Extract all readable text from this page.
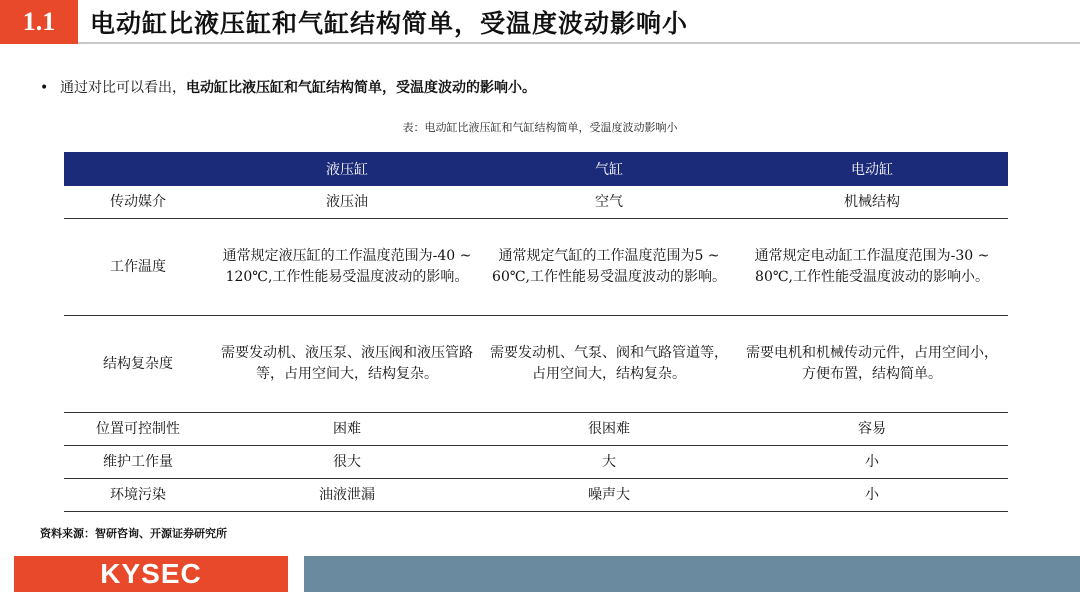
1.1	电动缸比液压缸和气缸结构简单，受温度波动影响小
• 通过对比可以看出， 电动缸比液压缸和气缸结构简单，受温度波动的影响小。
表：电动缸比液压缸和气缸结构简单，受温度波动影响小
	液压缸	气缸	电动缸
传动媒介	液压油	空气	机械结构
工作温度	通常规定液压缸的工作温度范围为-40 ~ 120℃,工作性能易受温度波动的影响。	通常规定气缸的工作温度范围为5 ~ 60℃,工作性能易受温度波动的影响。	通常规定电动缸工作温度范围为-30 ~ 80℃,工作性能受温度波动的影响小。
结构复杂度	需要发动机、液压泵、液压阀和液压管路等，占用空间大，结构复杂。	需要发动机、气泵、阀和气路管道等，占用空间大，结构复杂。	需要电机和机械传动元件，占用空间小，方便布置，结构简单。
位置可控制性	困难	很困难	容易
维护工作量	很大	大	小
环境污染	油液泄漏	噪声大	小
资料来源：智研咨询、开源证券研究所
KYSEC
